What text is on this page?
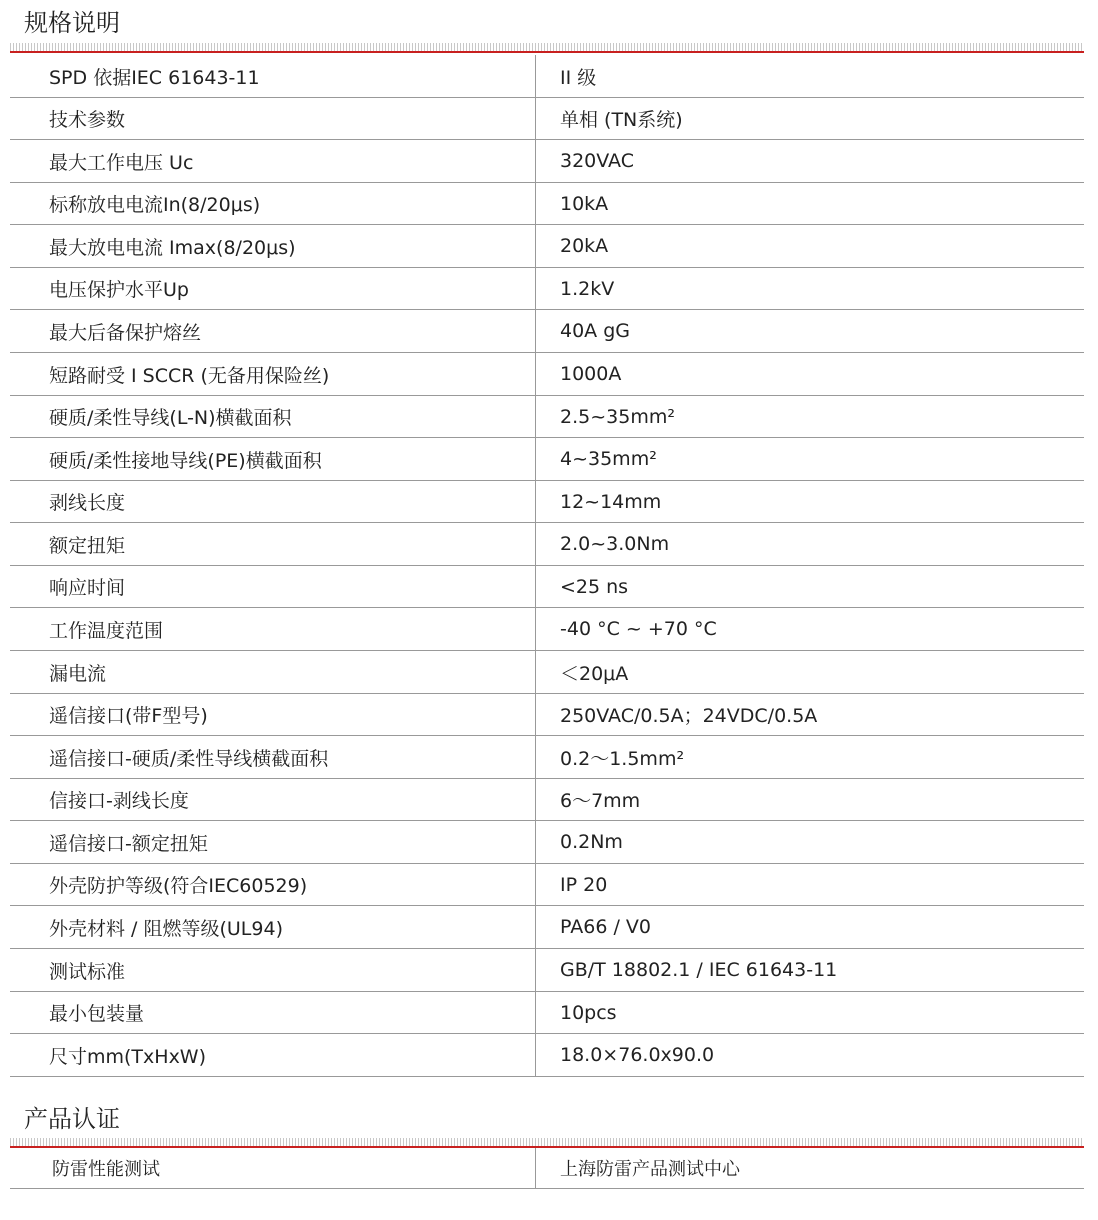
规格说明
SPD 依据IEC 61643-11	II 级
技术参数	单相 (TN系统)
最大工作电压 Uc	320VAC
标称放电电流In(8/20μs)	10kA
最大放电电流 Imax(8/20μs)	20kA
电压保护水平Up	1.2kV
最大后备保护熔丝	40A gG
短路耐受 I SCCR (无备用保险丝)	1000A
硬质/柔性导线(L-N)横截面积	2.5~35mm²
硬质/柔性接地导线(PE)横截面积	4~35mm²
剥线长度	12~14mm
额定扭矩	2.0~3.0Nm
响应时间	<25 ns
工作温度范围	-40 °C ~ +70 °C
漏电流	＜20μA
遥信接口(带F型号)	250VAC/0.5A；24VDC/0.5A
遥信接口-硬质/柔性导线横截面积	0.2～1.5mm²
信接口-剥线长度	6～7mm
遥信接口-额定扭矩	0.2Nm
外壳防护等级(符合IEC60529)	IP 20
外壳材料 / 阻燃等级(UL94)	PA66 / V0
测试标准	GB/T 18802.1 / IEC 61643-11
最小包装量	10pcs
尺寸mm(TxHxW)	18.0×76.0x90.0
产品认证
防雷性能测试	上海防雷产品测试中心
